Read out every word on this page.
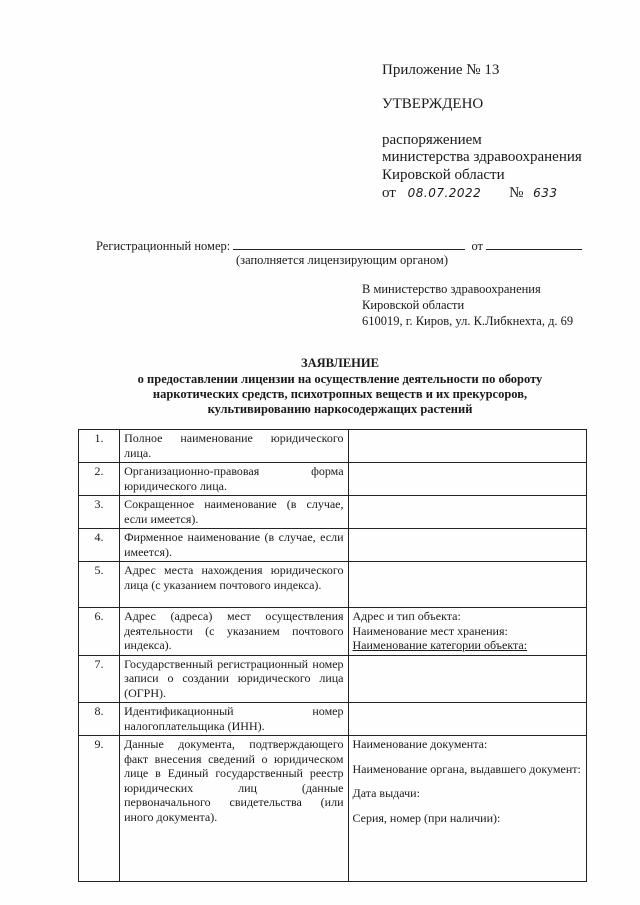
Приложение № 13
УТВЕРЖДЕНО
распоряжением
министерства здравоохранения
Кировской области
от 08.07.2022 № 633
Регистрационный номер:	от
(заполняется лицензирующим органом)
В министерство здравоохранения
Кировской области
610019, г. Киров, ул. К.Либкнехта, д. 69
ЗАЯВЛЕНИЕ
о предоставлении лицензии на осуществление деятельности по обороту
наркотических средств, психотропных веществ и их прекурсоров,
культивированию наркосодержащих растений
1.	Полное наименование юридического лица.	
2.	Организационно-правовая форма юридического лица.	
3.	Сокращенное наименование (в случае, если имеется).	
4.	Фирменное наименование (в случае, если имеется).	
5.	Адрес места нахождения юридического лица (с указанием почтового индекса).	
6.	Адрес (адреса) мест осуществления деятельности (с указанием почтового индекса).	Адрес и тип объекта:
Наименование мест хранения:
Наименование категории объекта:

7.	Государственный регистрационный номер записи о создании юридического лица (ОГРН).	
8.	Идентификационный номер налогоплательщика (ИНН).	
9.	Данные документа, подтверждающего факт внесения сведений о юридическом лице в Единый государственный реестр юридических лиц (данные первоначального свидетельства (или иного документа).	Наименование документа:
Наименование органа, выдавшего документ:
Дата выдачи:
Серия, номер (при наличии):
